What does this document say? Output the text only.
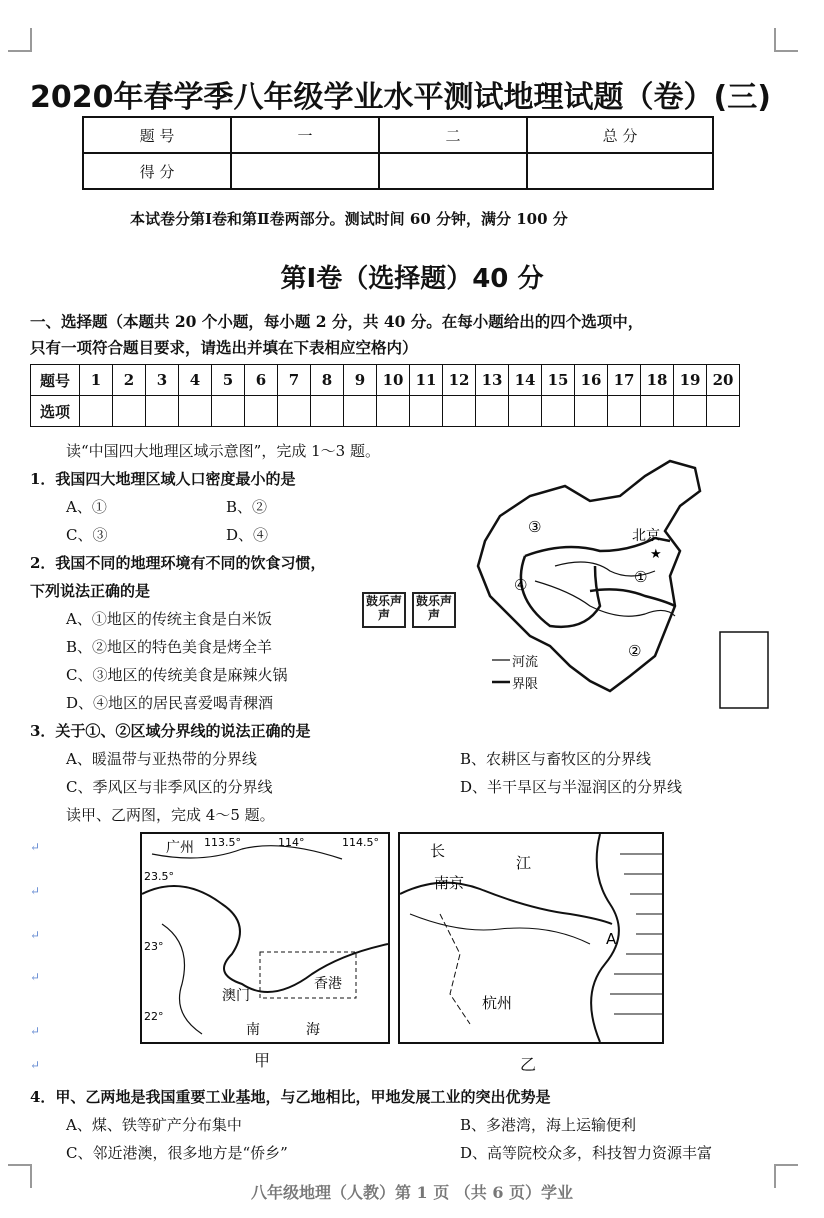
2020年春学季八年级学业水平测试地理试题（卷）(三)
题 号	一	二	总 分
得 分			
本试卷分第Ⅰ卷和第Ⅱ卷两部分。测试时间 60 分钟，满分 100 分
第Ⅰ卷（选择题）40 分
一、选择题（本题共 20 个小题，每小题 2 分，共 40 分。在每小题给出的四个选项中，
只有一项符合题目要求，请选出并填在下表相应空格内）
题号	1	2	3	4	5	6	7	8	9	10	11	12	13	14	15	16	17	18	19	20
选项																				
读“中国四大地理区域示意图”，完成 1～3 题。
1．我国四大地理区域人口密度最小的是
A、①	B、②
C、③	D、④
2．我国不同的地理环境有不同的饮食习惯，
下列说法正确的是
A、①地区的传统主食是白米饭
B、②地区的特色美食是烤全羊
C、③地区的传统美食是麻辣火锅
D、④地区的居民喜爱喝青稞酒
鼓乐声声
鼓乐声声
③	北京
★
①
④
②
河流
界限
3．关于①、②区域分界线的说法正确的是
A、暖温带与亚热带的分界线	B、农耕区与畜牧区的分界线
C、季风区与非季风区的分界线	D、半干旱区与半湿润区的分界线
读甲、乙两图，完成 4～5 题。
广州 113.5°	114°	114.5°
23.5°
23°
22°
澳门
香港
南	海
甲
长
江
南京
A
杭州
乙
↵
↵
↵
↵
↵
↵
4．甲、乙两地是我国重要工业基地，与乙地相比，甲地发展工业的突出优势是
A、煤、铁等矿产分布集中	B、多港湾，海上运输便利
C、邻近港澳，很多地方是“侨乡”	D、高等院校众多，科技智力资源丰富
八年级地理（人教）第 1 页 （共 6 页）学业
